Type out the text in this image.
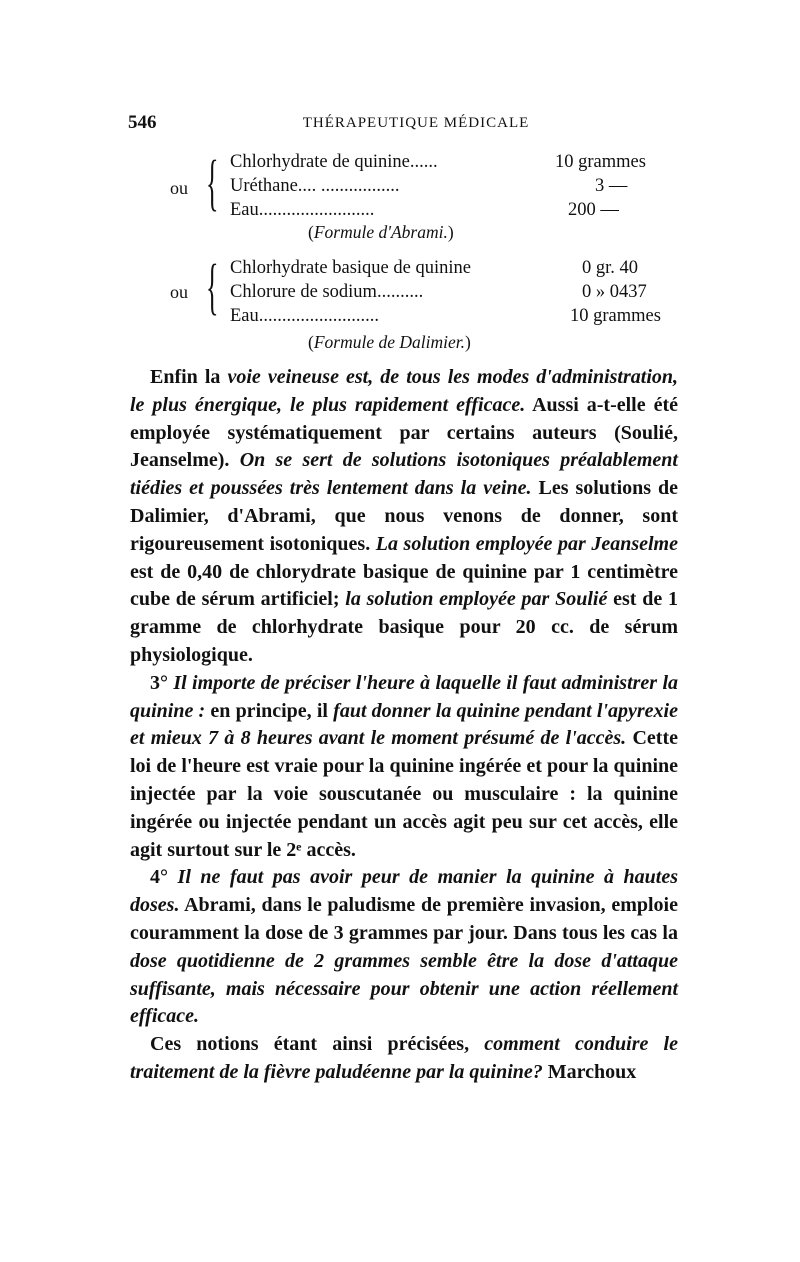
546	THÉRAPEUTIQUE MÉDICALE
ou { Chlorhydrate de quinine......	10 grammes
Uréthane.... .................	3 —
Eau.........................	200 —
(Formule d'Abrami.)
ou { Chlorhydrate basique de quinine	0 gr. 40
Chlorure de sodium..........	0 » 0437
Eau..........................	10 grammes
(Formule de Dalimier.)

Enfin la voie veineuse est, de tous les modes d'administration, le plus énergique, le plus rapidement efficace. Aussi a-t-elle été employée systématiquement par certains auteurs (Soulié, Jeanselme). On se sert de solutions isotoniques préalablement tiédies et poussées très lentement dans la veine. Les solutions de Dalimier, d'Abrami, que nous venons de donner, sont rigoureusement isotoniques. La solution employée par Jeanselme est de 0,40 de chlorydrate basique de quinine par 1 centimètre cube de sérum artificiel; la solution employée par Soulié est de 1 gramme de chlorhydrate basique pour 20 cc. de sérum physiologique.

3° Il importe de préciser l'heure à laquelle il faut administrer la quinine : en principe, il faut donner la quinine pendant l'apyrexie et mieux 7 à 8 heures avant le moment présumé de l'accès. Cette loi de l'heure est vraie pour la quinine ingérée et pour la quinine injectée par la voie souscutanée ou musculaire : la quinine ingérée ou injectée pendant un accès agit peu sur cet accès, elle agit surtout sur le 2ᵉ accès.

4° Il ne faut pas avoir peur de manier la quinine à hautes doses. Abrami, dans le paludisme de première invasion, emploie couramment la dose de 3 grammes par jour. Dans tous les cas la dose quotidienne de 2 grammes semble être la dose d'attaque suffisante, mais nécessaire pour obtenir une action réellement efficace.

Ces notions étant ainsi précisées, comment conduire le traitement de la fièvre paludéenne par la quinine? Marchoux
